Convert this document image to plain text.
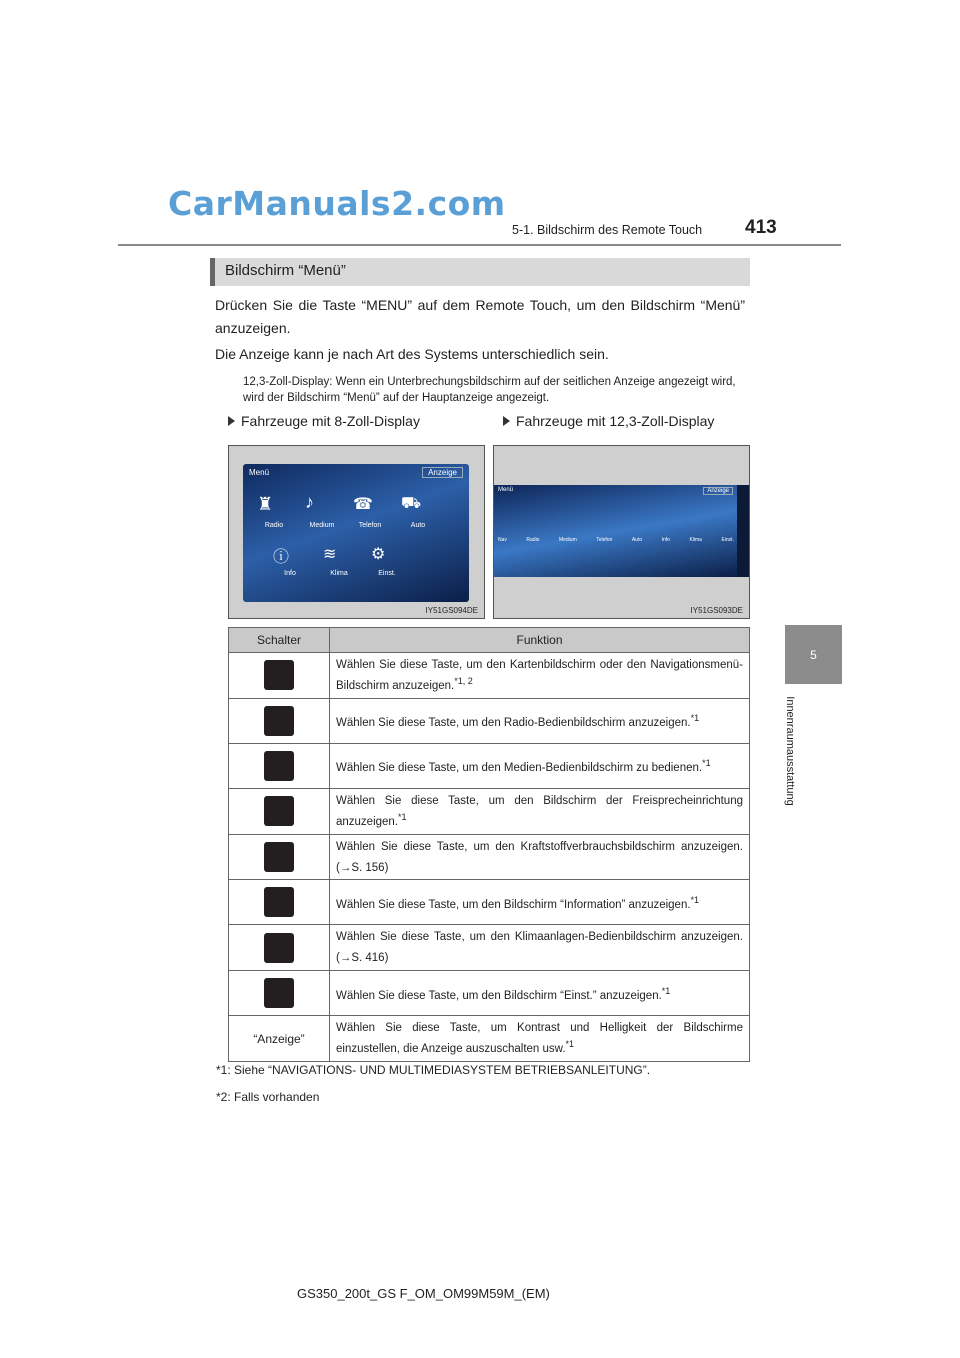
CarManuals2.com
5-1. Bildschirm des Remote Touch 413
5
Innenraumausstattung
Bildschirm “Menü”
Drücken Sie die Taste “MENU” auf dem Remote Touch, um den Bildschirm “Menü” anzuzeigen.
Die Anzeige kann je nach Art des Systems unterschiedlich sein.
12,3-Zoll-Display: Wenn ein Unterbrechungsbildschirm auf der seitlichen Anzeige angezeigt wird, wird der Bildschirm “Menü” auf der Hauptanzeige angezeigt.
Fahrzeuge mit 8-Zoll-Display	Fahrzeuge mit 12,3-Zoll-Display
Menü	Anzeige
♜ ♪ ☎ ⛟
Radio	Medium	Telefon	Auto
ⓘ ≋ ⚙
Info	Klima	Einst.
IY51GS094DE
Menü	Anzeige
Nav	Radio	Medium	Telefon	Auto	Info	Klima	Einst.
IY51GS093DE
Schalter	Funktion
	Wählen Sie diese Taste, um den Kartenbildschirm oder den Navigationsmenü-Bildschirm anzuzeigen.$^{*1, 2}$
	Wählen Sie diese Taste, um den Radio-Bedienbildschirm anzuzeigen.$^{*1}$
	Wählen Sie diese Taste, um den Medien-Bedienbildschirm zu bedienen.$^{*1}$
	Wählen Sie diese Taste, um den Bildschirm der Freisprecheinrichtung anzuzeigen.$^{*1}$
	Wählen Sie diese Taste, um den Kraftstoffverbrauchsbildschirm anzuzeigen. (→S. 156)
	Wählen Sie diese Taste, um den Bildschirm “Information” anzuzeigen.$^{*1}$
	Wählen Sie diese Taste, um den Klimaanlagen-Bedienbildschirm anzuzeigen. (→S. 416)
	Wählen Sie diese Taste, um den Bildschirm “Einst.” anzuzeigen.$^{*1}$
“Anzeige”	Wählen Sie diese Taste, um Kontrast und Helligkeit der Bildschirme einzustellen, die Anzeige auszuschalten usw.$^{*1}$
*1: Siehe “NAVIGATIONS- UND MULTIMEDIASYSTEM BETRIEBSANLEITUNG”.
*2: Falls vorhanden
GS350_200t_GS F_OM_OM99M59M_(EM)
